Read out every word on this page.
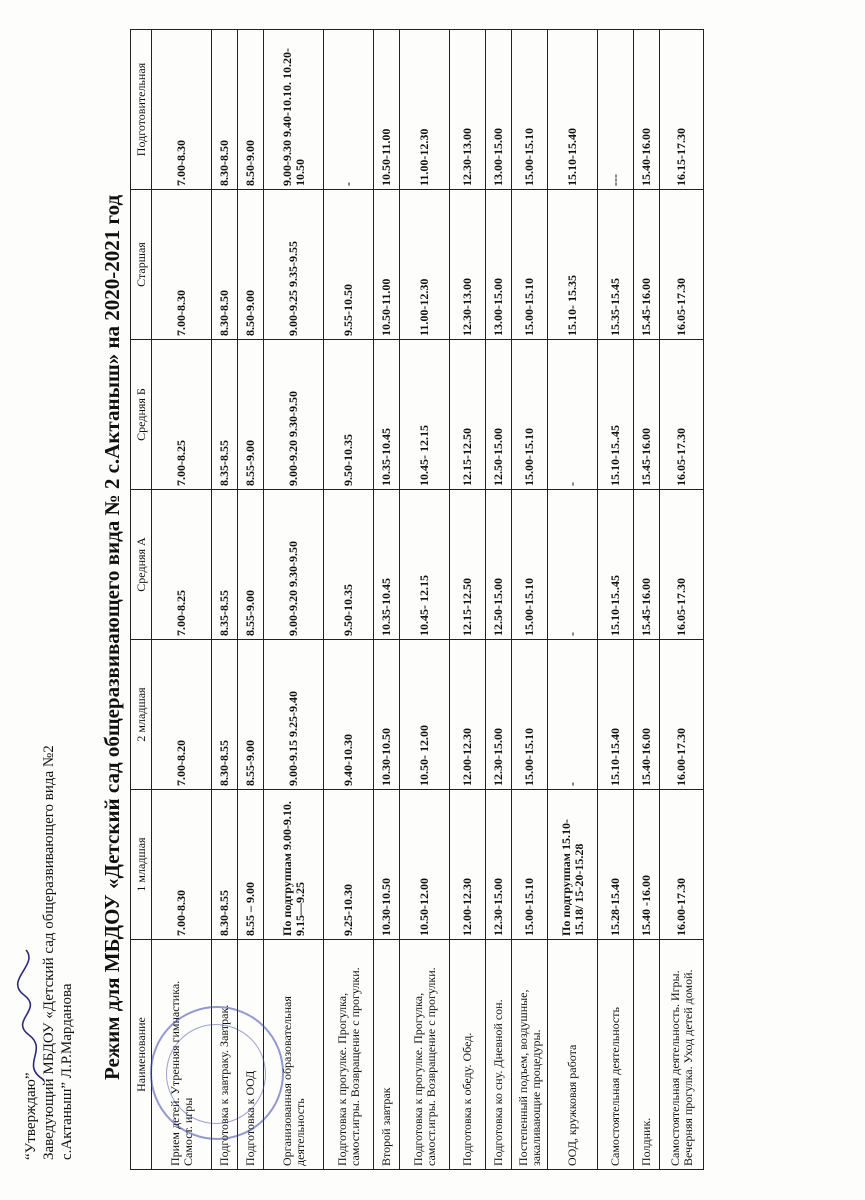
“Утверждаю” Заведующий МБДОУ «Детский сад общеразвивающего вида №2 с.Актаныш” Л.Р.Марданова Режим для МБДОУ «Детский сад общеразвивающего вида № 2 с.Актаныш» на 2020-2021 год Наименование	1 младшая	2 младшая	Средняя А	Средняя Б	Старшая	Подготовительная
Прием детей. Утренняя гимнастика. Самост. игры	7.00-8.30	7.00-8.20	7.00-8.25	7.00-8.25	7.00-8.30	7.00-8.30
Подготовка к завтраку. Завтрак.	8.30-8.55	8.30-8.55	8.35-8.55	8.35-8.55	8.30-8.50	8.30-8.50
Подготовка к ООД	8.55 – 9.00	8.55-9.00	8.55-9.00	8.55-9.00	8.50-9.00	8.50-9.00
Организованная образовательная деятельность	По подгруппам 9.00-9.10. 9.15—9.25	9.00-9.15 9.25-9.40	9.00-9.20 9.30-9.50	9.00-9.20 9.30-9.50	9.00-9.25 9.35-9.55	9.00-9.30 9.40-10.10. 10.20-10.50
Подготовка к прогулке. Прогулка, самост.игры. Возвращение с прогулки.	9.25-10.30	9.40-10.30	9.50-10.35	9.50-10.35	9.55-10.50	-
Второй завтрак	10.30-10.50	10.30-10.50	10.35-10.45	10.35-10.45	10.50-11.00	10.50-11.00
Подготовка к прогулке. Прогулка, самост.игры. Возвращение с прогулки.	10.50-12.00	10.50- 12.00	10.45- 12.15	10.45- 12.15	11.00-12.30	11.00-12.30
Подготовка к обеду. Обед.	12.00-12.30	12.00-12.30	12.15-12.50	12.15-12.50	12.30-13.00	12.30-13.00
Подготовка ко сну. Дневной сон.	12.30-15.00	12.30-15.00	12.50-15.00	12.50-15.00	13.00-15.00	13.00-15.00
Постепенный подъем, воздушные, закаливающие процедуры.	15.00-15.10	15.00-15.10	15.00-15.10	15.00-15.10	15.00-15.10	15.00-15.10
ООД, кружковая работа	По подгруппам 15.10-15.18/ 15-20-15.28	-	-	-	15.10- 15.35	15.10-15.40
Самостоятельная деятельность	15.28-15.40	15.10-15.40	15.10-15..45	15.10-15..45	15.35-15.45	---
Полдник.	15.40 -16.00	15.40-16.00	15.45-16.00	15.45-16.00	15.45-16.00	15.40-16.00
Самостоятельная деятельность. Игры. Вечерняя прогулка. Уход детей домой.	16.00-17.30	16.00-17.30	16.05-17.30	16.05-17.30	16.05-17.30	16.15-17.30
